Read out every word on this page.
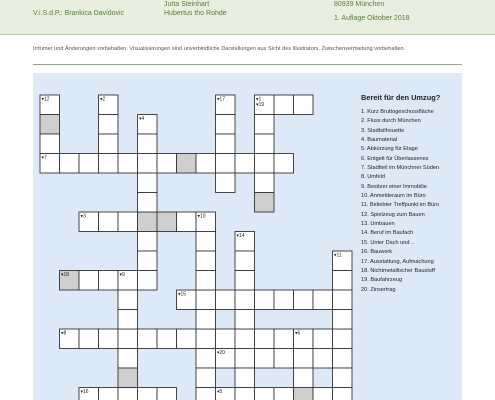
V.i.S.d.P.: Brankica Davidovic
Jutta Steinhart
Hubertus tho Rohde
80939 München
1. Auflage Oktober 2018
Irrtümer und Änderungen vorbehalten. Visualisierungen sind unverbindliche Darstellungen aus Sicht des Illustrators. Zwischenvermietung vorbehalten.
▾12	▾2	▾17	▾1
▾19
▾4
▾7
▾3	▾10
▾14
▾11
▾18	▾9
▾15
▾8	▾6
▾20
▾16	▾5
Bereit für den Umzug?
1. Kurz Bruttogeschossfläche
2. Fluss durch München
3. Stadtsilhouette
4. Baumaterial
5. Abkürzung für Etage
6. Entgelt für Überlassenes
7. Stadtteil im Münchner Süden
8. Umfeld
9. Besitzer einer Immobilie
10. Anmelderaum im Büro
11. Beliebter Treffpunkt im Büro
12. Spielzeug zum Bauen
13. Umbauen
14. Beruf im Baufach
15. Unter Dach und ..
16. Bauwerk
17. Ausstattung, Aufmachung
18. Nichtmetallischer Baustoff
19. Baufahrzeug
20. Zinsertrag
